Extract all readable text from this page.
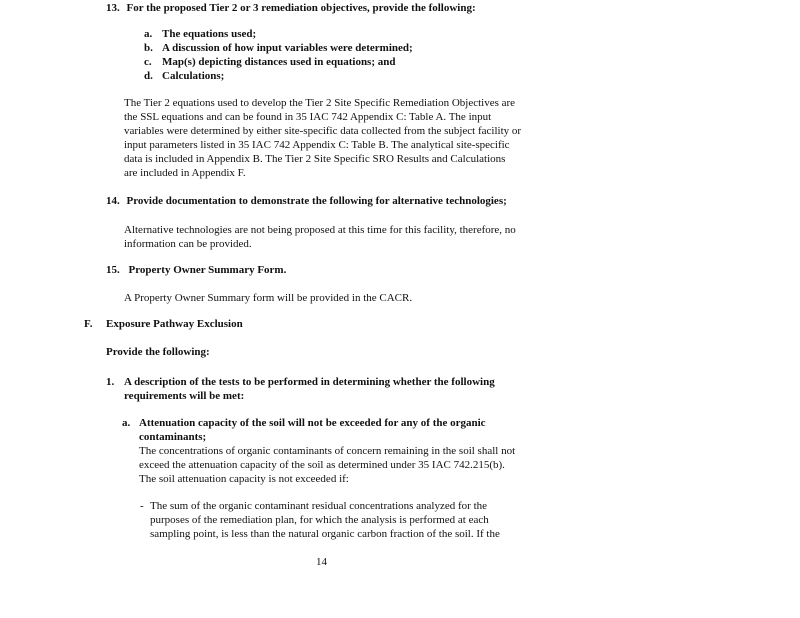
13. For the proposed Tier 2 or 3 remediation objectives, provide the following:
a. The equations used;
b. A discussion of how input variables were determined;
c. Map(s) depicting distances used in equations; and
d. Calculations;
The Tier 2 equations used to develop the Tier 2 Site Specific Remediation Objectives are
the SSL equations and can be found in 35 IAC 742 Appendix C: Table A. The input
variables were determined by either site-specific data collected from the subject facility or
input parameters listed in 35 IAC 742 Appendix C: Table B. The analytical site-specific
data is included in Appendix B. The Tier 2 Site Specific SRO Results and Calculations
are included in Appendix F.
14. Provide documentation to demonstrate the following for alternative technologies;
Alternative technologies are not being proposed at this time for this facility, therefore, no
information can be provided.
15. Property Owner Summary Form.
A Property Owner Summary form will be provided in the CACR.
F. Exposure Pathway Exclusion
Provide the following:
1. A description of the tests to be performed in determining whether the following
requirements will be met:
a. Attenuation capacity of the soil will not be exceeded for any of the organic
contaminants;
The concentrations of organic contaminants of concern remaining in the soil shall not
exceed the attenuation capacity of the soil as determined under 35 IAC 742.215(b).
The soil attenuation capacity is not exceeded if:
- The sum of the organic contaminant residual concentrations analyzed for the
purposes of the remediation plan, for which the analysis is performed at each
sampling point, is less than the natural organic carbon fraction of the soil. If the
14
